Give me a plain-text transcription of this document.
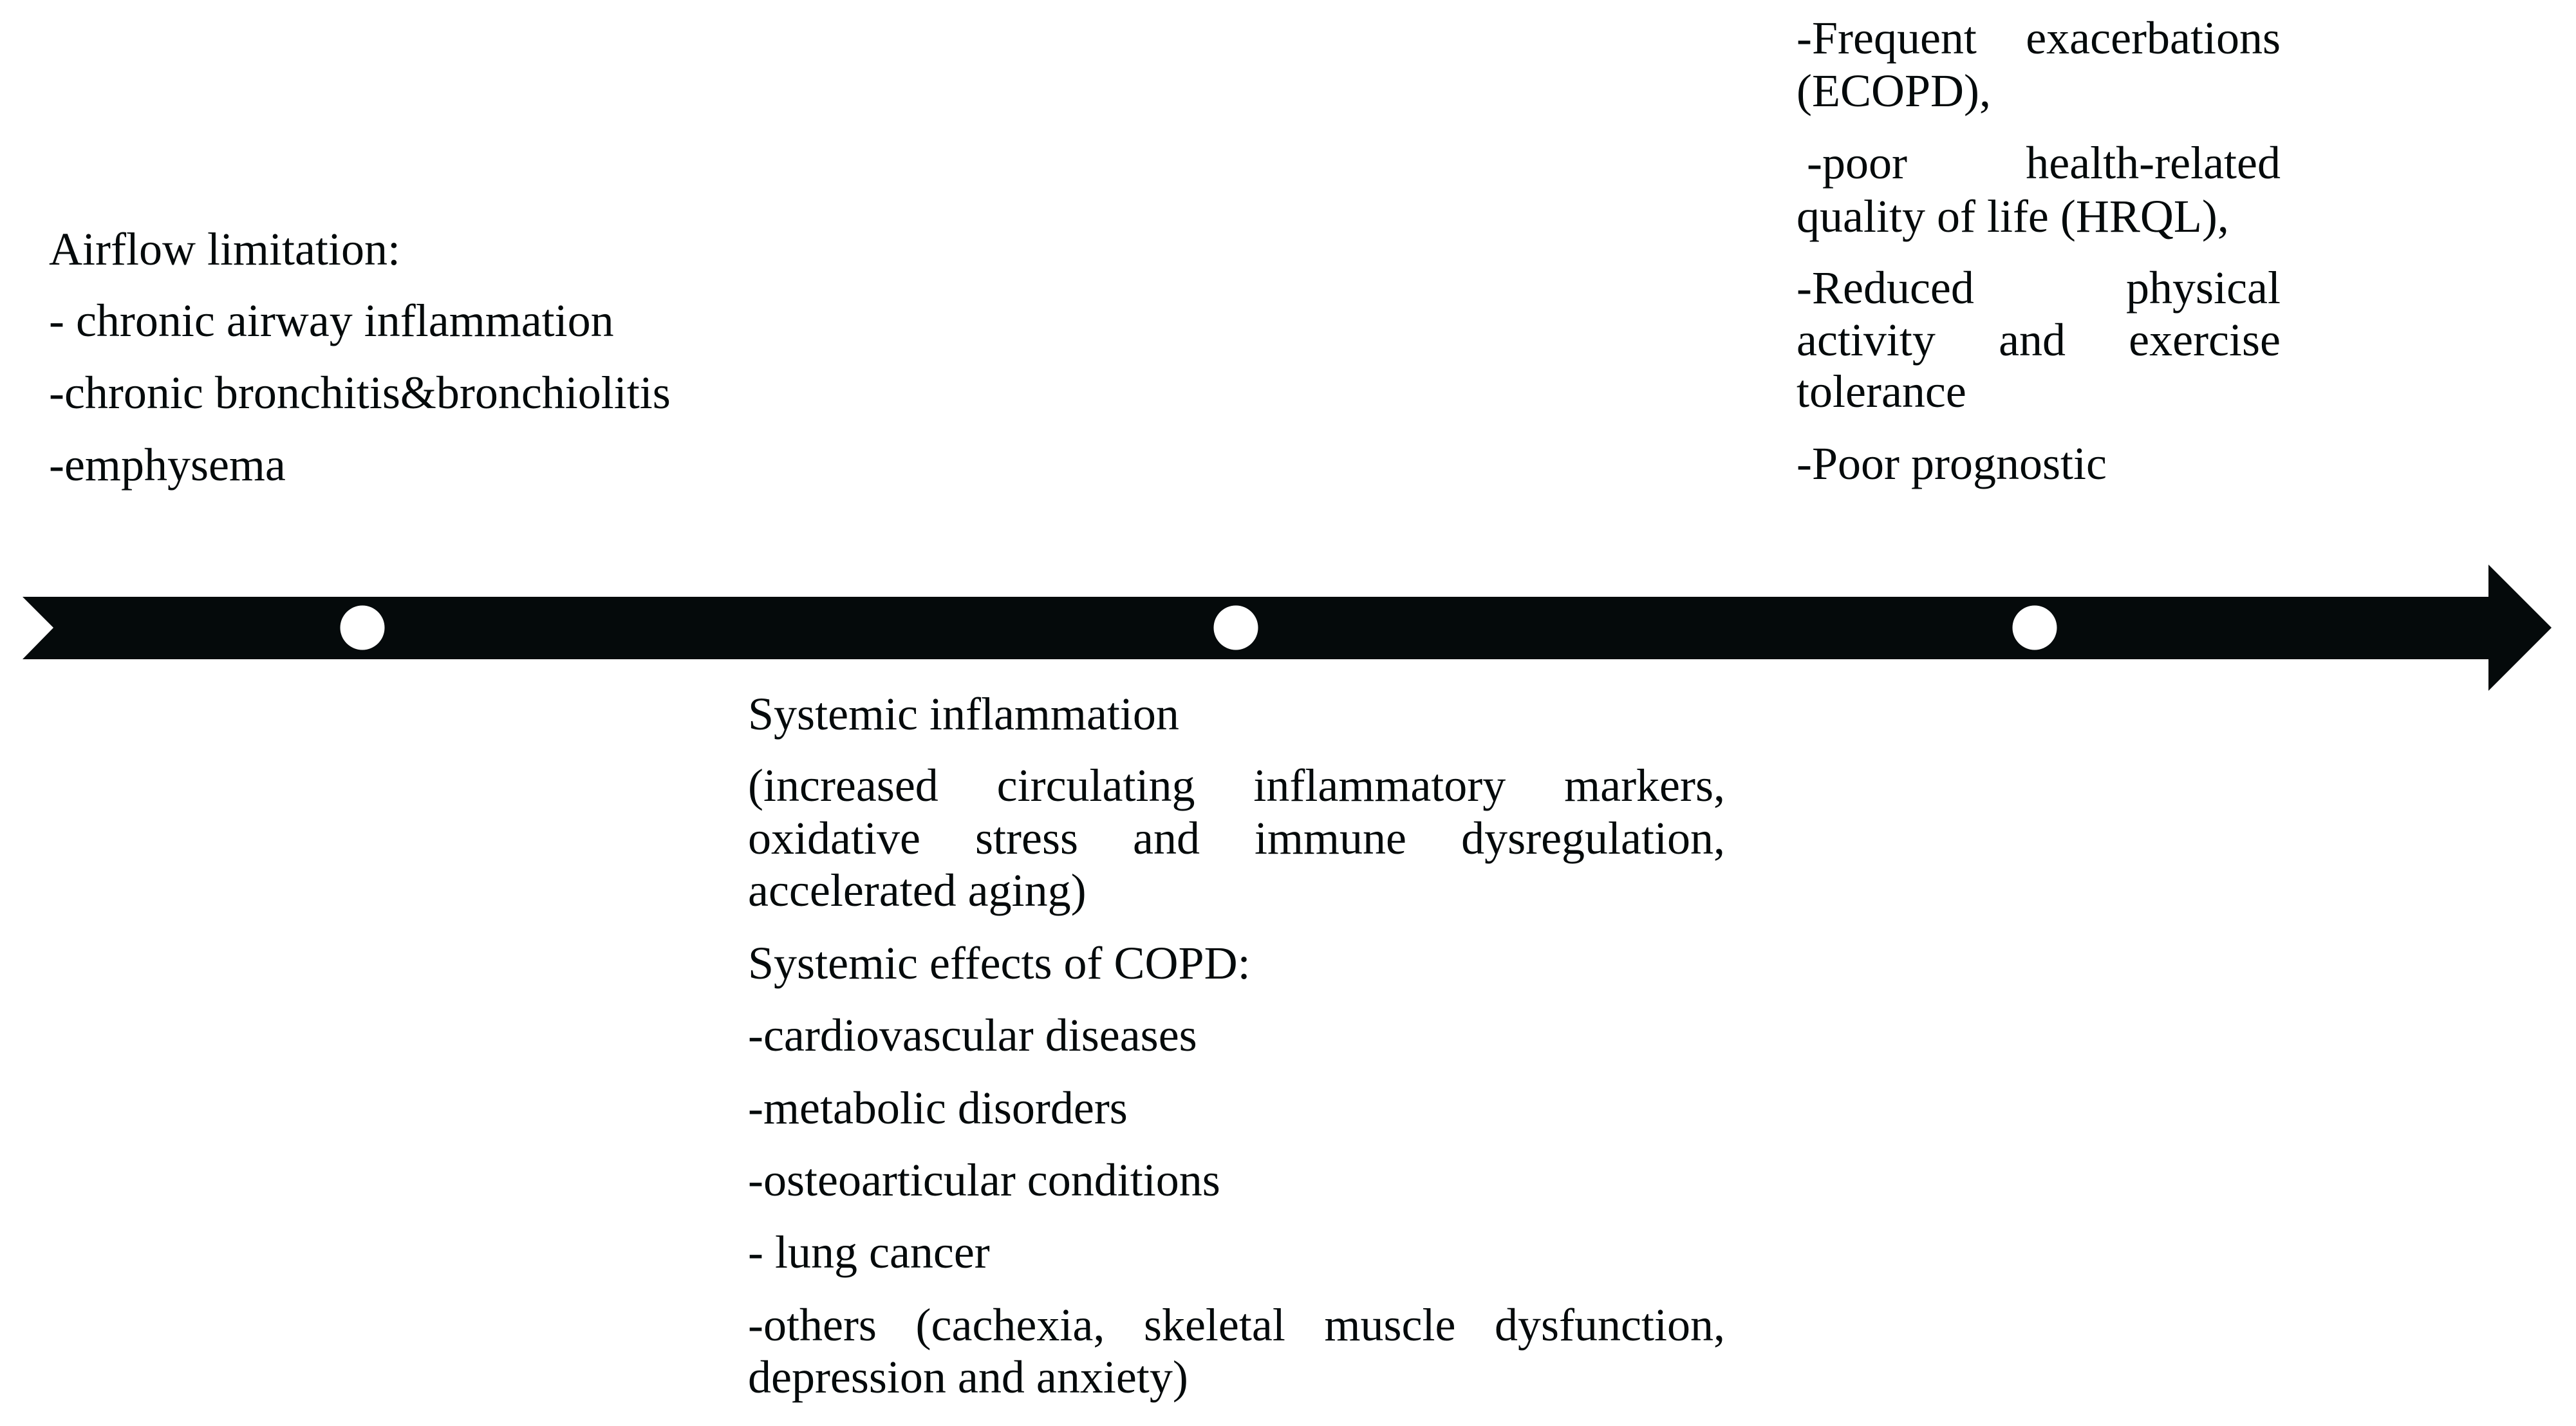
Airflow limitation:

- chronic airway inflammation

-chronic bronchitis&bronchiolitis

-emphysema

Systemic inflammation

(increased circulating inflammatory markers,

oxidative stress and immune dysregulation,

accelerated aging)

Systemic effects of COPD:

-cardiovascular diseases

-metabolic disorders

-osteoarticular conditions

- lung cancer

-others (cachexia, skeletal muscle dysfunction,

depression and anxiety)

-Frequent exacerbations

(ECOPD),

-poor health-related

quality of life (HRQL),

-Reduced physical

activity and exercise

tolerance

-Poor prognostic
